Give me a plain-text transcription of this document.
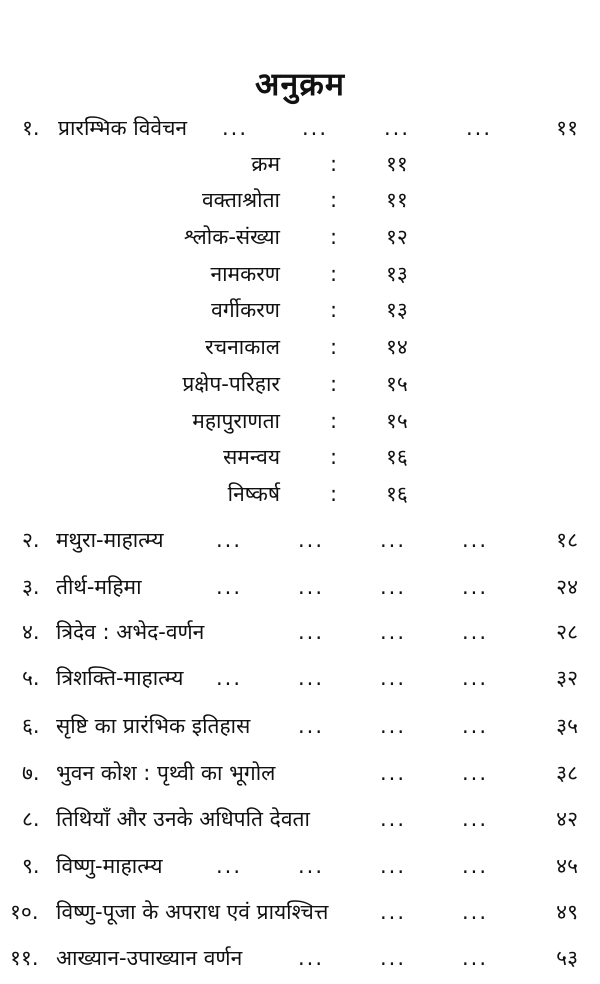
अनुक्रम
१. प्रारम्भिक विवेचन ...	...	...	...	११
क्रम : ११
वक्ताश्रोता : ११
श्लोक-संख्या : १२
नामकरण : १३
वर्गीकरण : १३
रचनाकाल : १४
प्रक्षेप-परिहार : १५
महापुराणता : १५
समन्वय : १६
निष्कर्ष : १६
२. मथुरा-माहात्म्य	...	...	...	...	१८
३. तीर्थ-महिमा	...	...	...	...	२४
४. त्रिदेव : अभेद-वर्णन	...	...	...	२८
५. त्रिशक्ति-माहात्म्य ...	...	...	...	३२
६. सृष्टि का प्रारंभिक इतिहास ...	...	...	३५
७. भुवन कोश : पृथ्वी का भूगोल	...	...	३८
८. तिथियाँ और उनके अधिपति देवता	...	...	४२
९. विष्णु-माहात्म्य	...	...	...	...	४५
१०. विष्णु-पूजा के अपराध एवं प्रायश्चित्त ...	...	४९
११. आख्यान-उपाख्यान वर्णन	...	...	...	५३
